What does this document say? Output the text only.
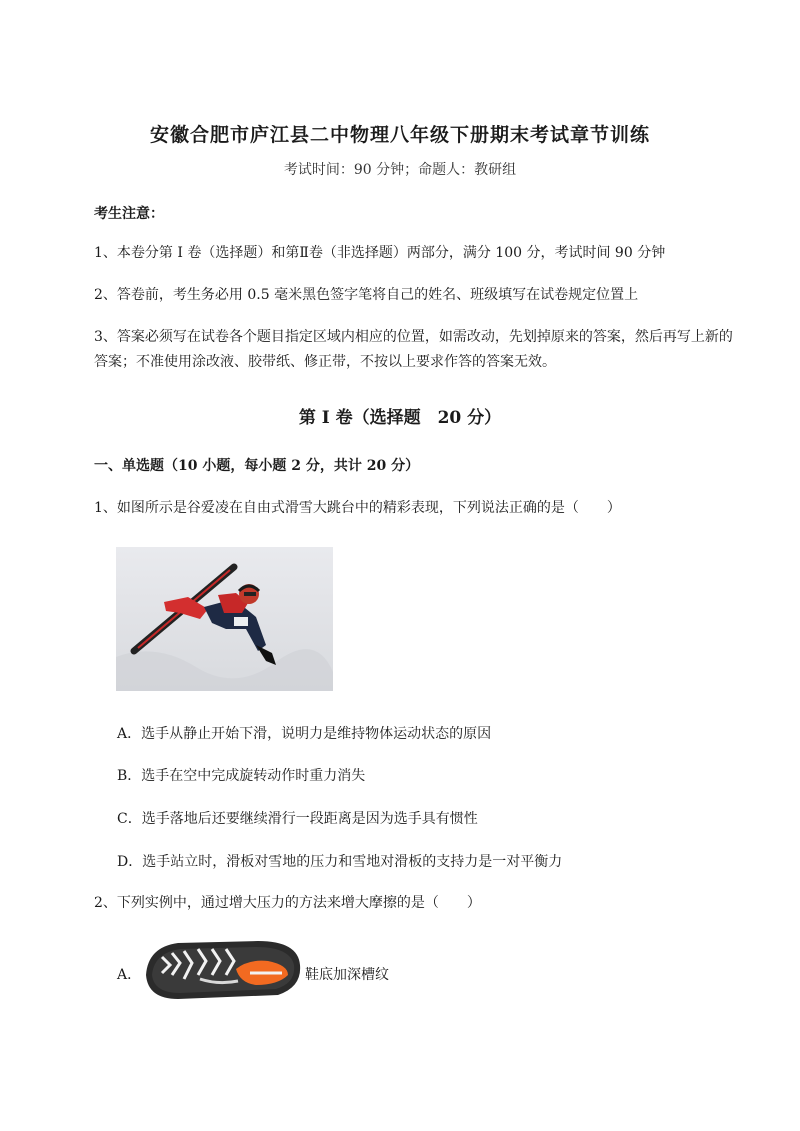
安徽合肥市庐江县二中物理八年级下册期末考试章节训练
考试时间：90 分钟；命题人：教研组
考生注意：
1、本卷分第 I 卷（选择题）和第Ⅱ卷（非选择题）两部分，满分 100 分，考试时间 90 分钟
2、答卷前，考生务必用 0.5 毫米黑色签字笔将自己的姓名、班级填写在试卷规定位置上
3、答案必须写在试卷各个题目指定区域内相应的位置，如需改动，先划掉原来的答案，然后再写上新的答案；不准使用涂改液、胶带纸、修正带，不按以上要求作答的答案无效。
第 I 卷（选择题　20 分）
一、单选题（10 小题，每小题 2 分，共计 20 分）
1、如图所示是谷爱凌在自由式滑雪大跳台中的精彩表现，下列说法正确的是（　　）
A．选手从静止开始下滑，说明力是维持物体运动状态的原因
B．选手在空中完成旋转动作时重力消失
C．选手落地后还要继续滑行一段距离是因为选手具有惯性
D．选手站立时，滑板对雪地的压力和雪地对滑板的支持力是一对平衡力
2、下列实例中，通过增大压力的方法来增大摩擦的是（　　）
A．	鞋底加深槽纹
